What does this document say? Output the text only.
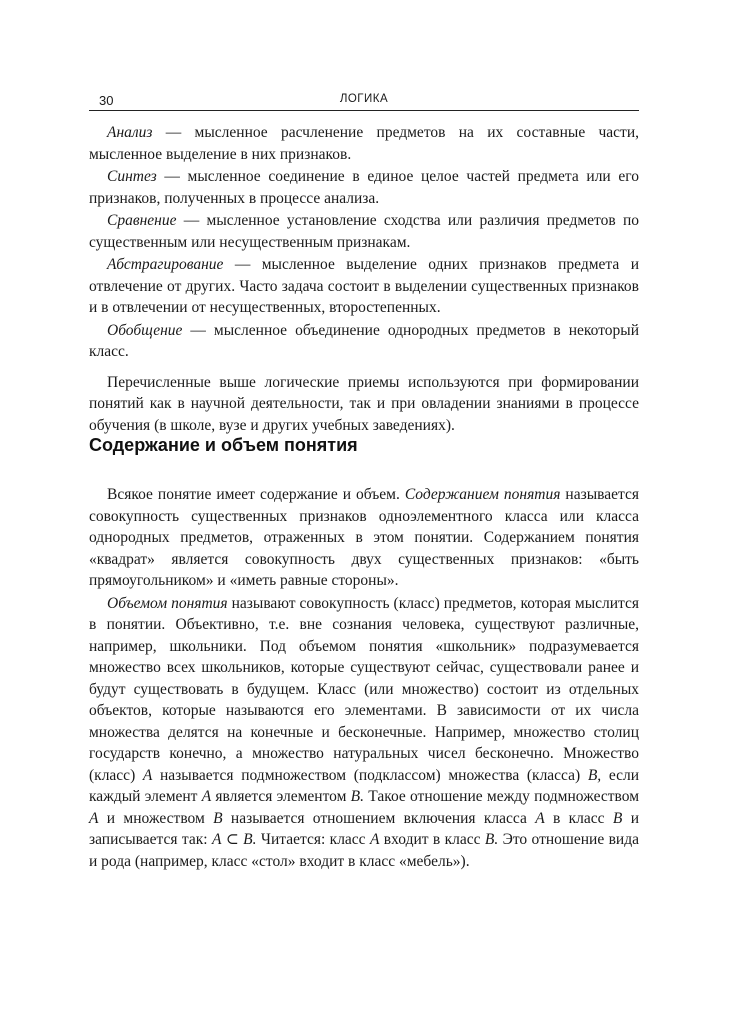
30	ЛОГИКА

Анализ — мысленное расчленение предметов на их составные части, мысленное выделение в них признаков.

Синтез — мысленное соединение в единое целое частей предмета или его признаков, полученных в процессе анализа.

Сравнение — мысленное установление сходства или различия предметов по существенным или несущественным признакам.

Абстрагирование — мысленное выделение одних признаков предмета и отвлечение от других. Часто задача состоит в выделении существенных признаков и в отвлечении от несущественных, второстепенных.

Обобщение — мысленное объединение однородных предметов в некоторый класс.

Перечисленные выше логические приемы используются при формировании понятий как в научной деятельности, так и при овладении знаниями в процессе обучения (в школе, вузе и других учебных заведениях).

Содержание и объем понятия

Всякое понятие имеет содержание и объем. Содержанием понятия называется совокупность существенных признаков одноэлементного класса или класса однородных предметов, отраженных в этом понятии. Содержанием понятия «квадрат» является совокупность двух существенных признаков: «быть прямоугольником» и «иметь равные стороны».

Объемом понятия называют совокупность (класс) предметов, которая мыслится в понятии. Объективно, т.е. вне сознания человека, существуют различные, например, школьники. Под объемом понятия «школьник» подразумевается множество всех школьников, которые существуют сейчас, существовали ранее и будут существовать в будущем. Класс (или множество) состоит из отдельных объектов, которые называются его элементами. В зависимости от их числа множества делятся на конечные и бесконечные. Например, множество столиц государств конечно, а множество натуральных чисел бесконечно. Множество (класс) А называется подмножеством (подклассом) множества (класса) В, если каждый элемент А является элементом В. Такое отношение между подмножеством А и множеством В называется отношением включения класса А в класс В и записывается так: А ⊂ В. Читается: класс А входит в класс В. Это отношение вида и рода (например, класс «стол» входит в класс «мебель»).
